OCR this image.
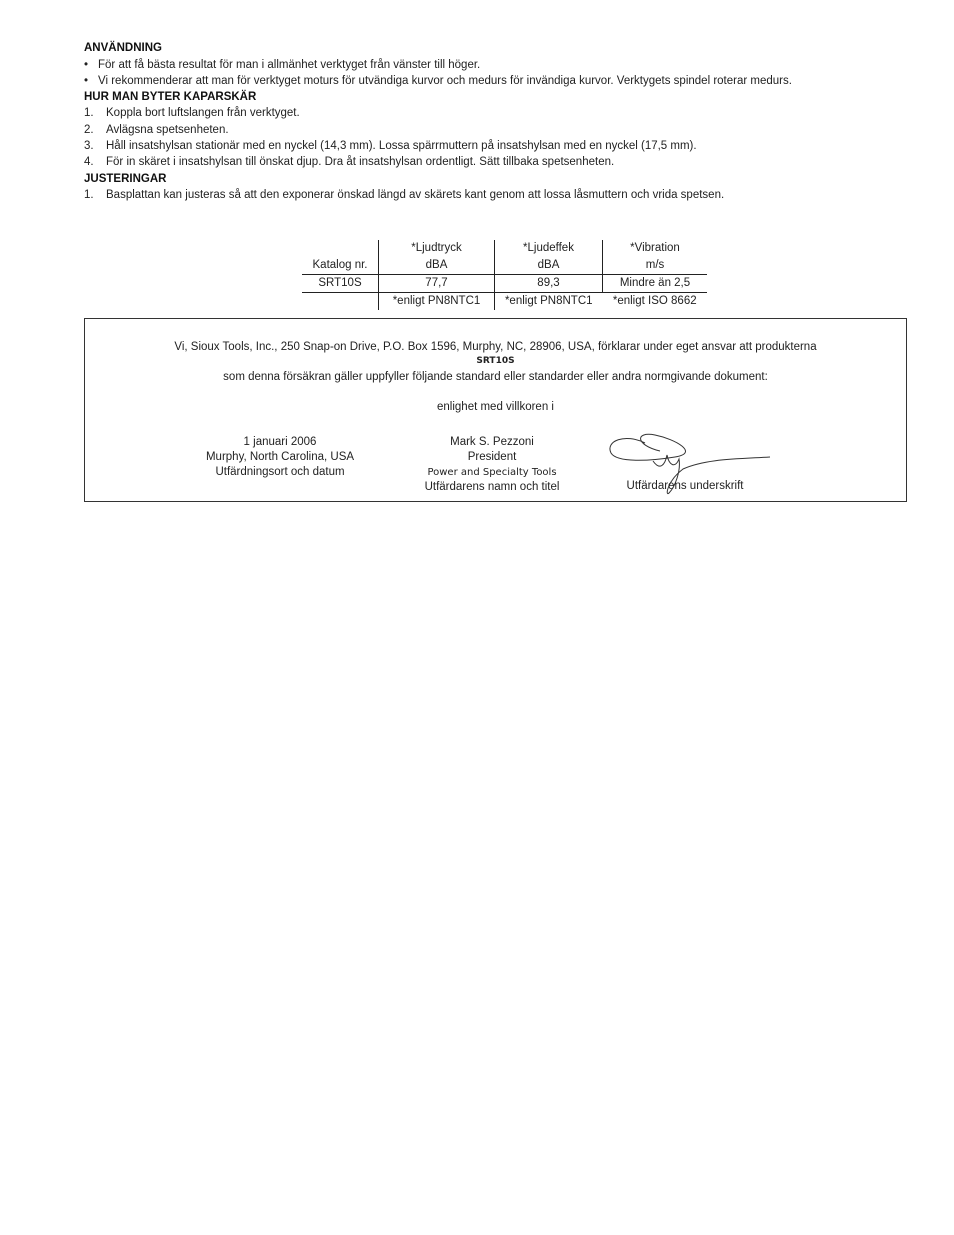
ANVÄNDNING
• För att få bästa resultat för man i allmänhet verktyget från vänster till höger.
• Vi rekommenderar att man för verktyget moturs för utvändiga kurvor och medurs för invändiga kurvor. Verktygets spindel roterar medurs.
HUR MAN BYTER KAPARSKÄR
1. Koppla bort luftslangen från verktyget.
2. Avlägsna spetsenheten.
3. Håll insatshylsan stationär med en nyckel (14,3 mm). Lossa spärrmuttern på insatshylsan med en nyckel (17,5 mm).
4. För in skäret i insatshylsan till önskat djup. Dra åt insatshylsan ordentligt. Sätt tillbaka spetsenheten.
JUSTERINGAR
1. Basplattan kan justeras så att den exponerar önskad längd av skärets kant genom att lossa låsmuttern och vrida spetsen.
	*Ljudtryck	*Ljudeffek	*Vibration
Katalog nr.	dBA	dBA	m/s
SRT10S	77,7	89,3	Mindre än 2,5
	*enligt PN8NTC1	*enligt PN8NTC1	*enligt ISO 8662
Vi, Sioux Tools, Inc., 250 Snap-on Drive, P.O. Box 1596, Murphy, NC, 28906, USA, förklarar under eget ansvar att produkterna
SRT10S
som denna försäkran gäller uppfyller följande standard eller standarder eller andra normgivande dokument:
enlighet med villkoren i
1 januari 2006
Murphy, North Carolina, USA
Utfärdningsort och datum
Mark S. Pezzoni
President
Power and Specialty Tools
Utfärdarens namn och titel	Utfärdarens underskrift
